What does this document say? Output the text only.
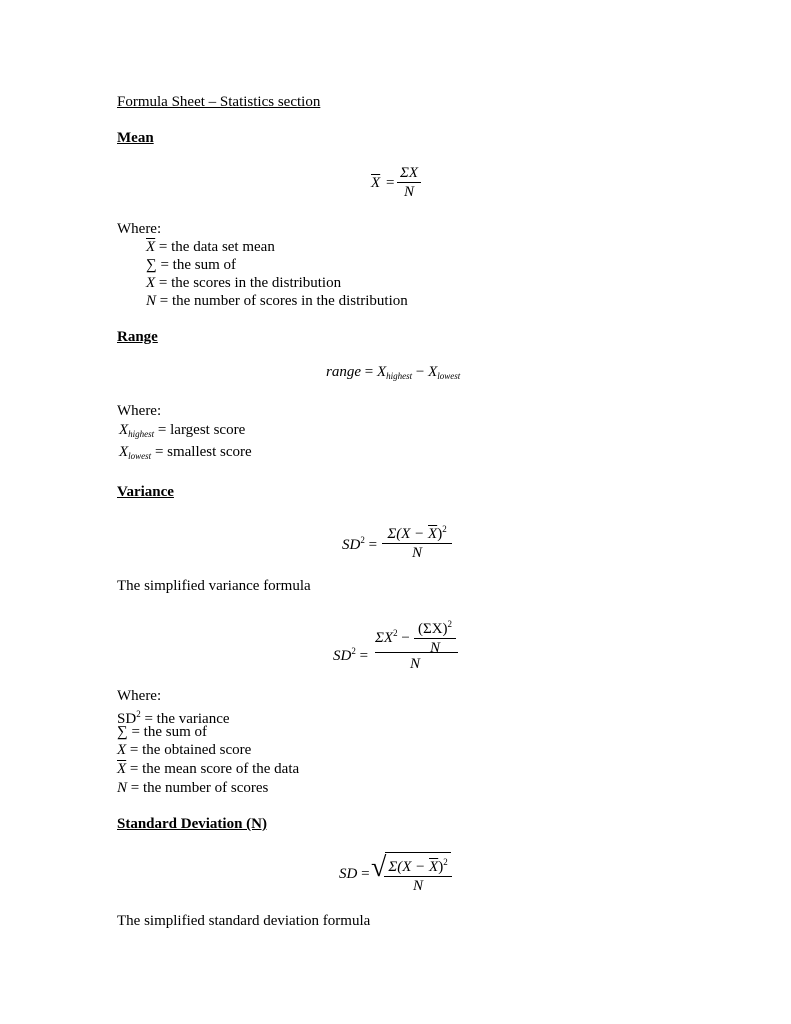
Formula Sheet – Statistics section
Mean
$\overline{X}$ =
ΣX
N
Where:
$\overline{X}$ = the data set mean
∑ = the sum of
X = the scores in the distribution
N = the number of scores in the distribution
Range
range = $X_{highest} - X_{lowest}$
Where:
$X_{highest}$ = largest score
$X_{lowest}$ = smallest score
Variance
$SD^2$ =
$\Sigma(X - \overline{X})^2$
N
The simplified variance formula
$SD^2$ =
$\Sigma X^2$ −
$(\Sigma X)^2$
N
N
Where:
$SD^2$ = the variance
∑ = the sum of
X = the obtained score
$\overline{X}$ = the mean score of the data
N = the number of scores
Standard Deviation (N)
SD = √ $\Sigma(X - \overline{X})^2$
N
The simplified standard deviation formula
